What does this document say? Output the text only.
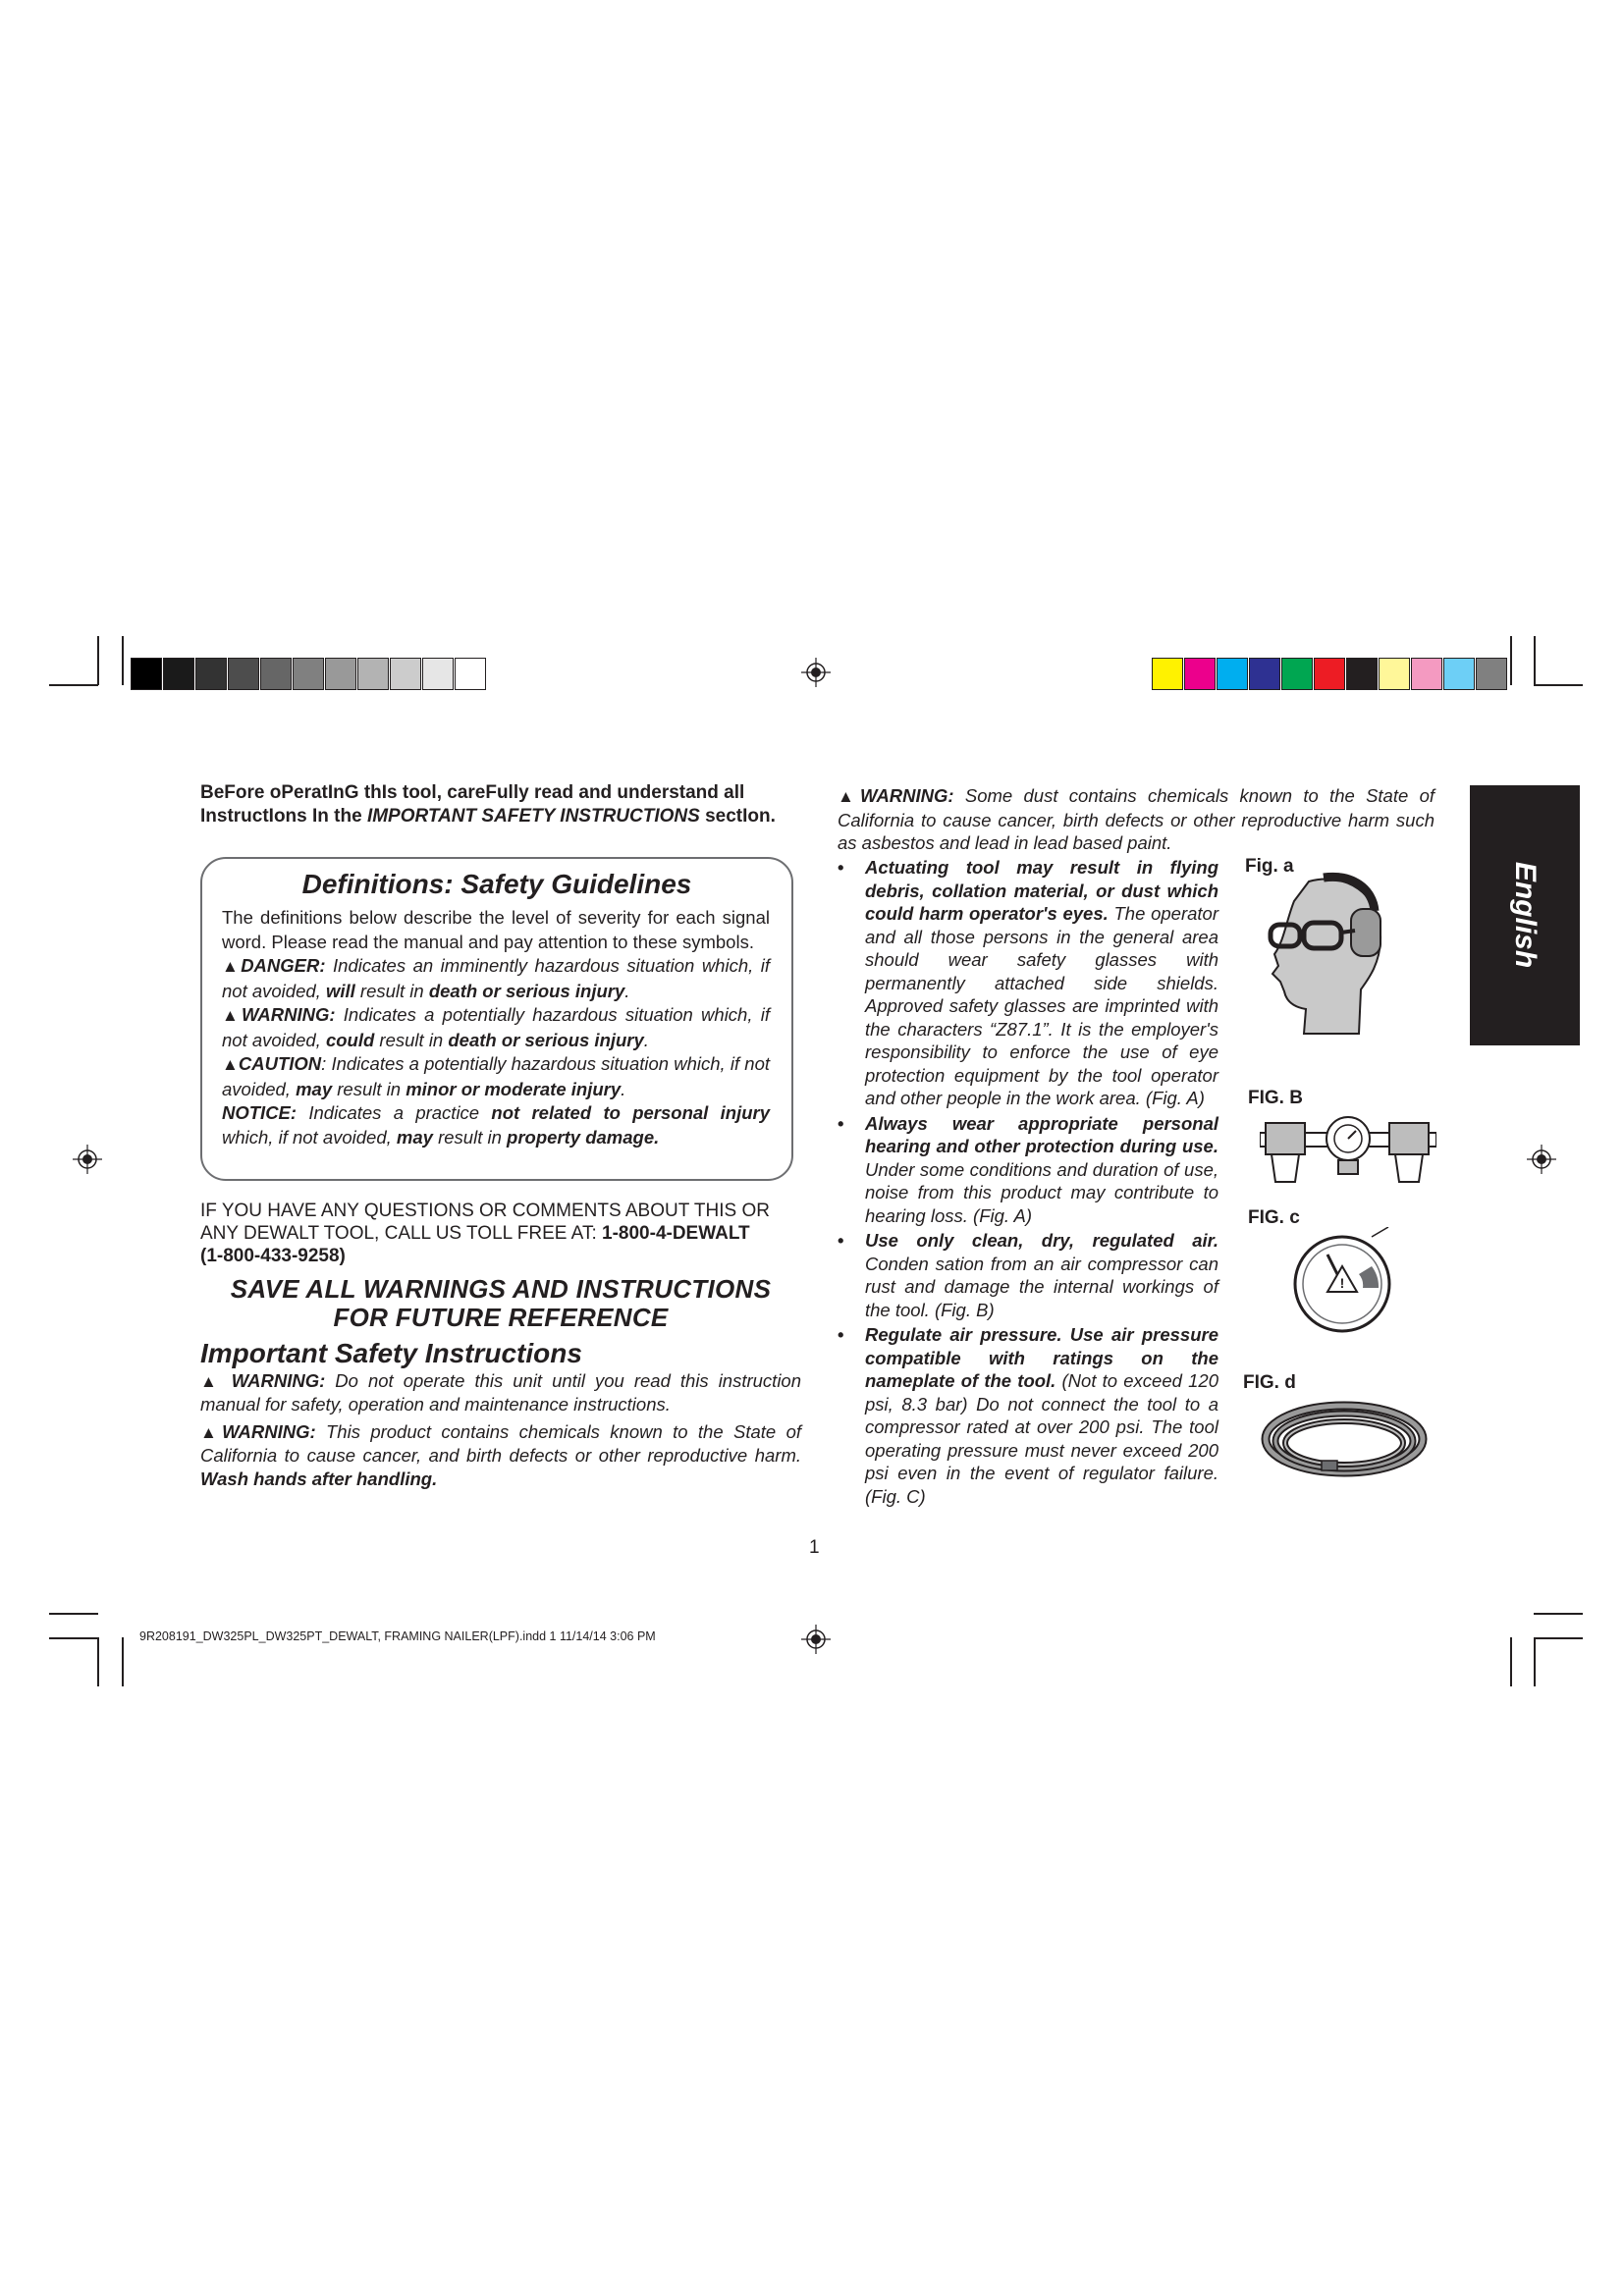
BeFore oPeratInG thIs tool, careFully read and understand all InstructIons In the IMPORTANT SAFETY INSTRUCTIONS sectIon.

Definitions: Safety Guidelines

The definitions below describe the level of severity for each signal word. Please read the manual and pay attention to these symbols.

▲DANGER: Indicates an imminently hazardous situation which, if not avoided, will result in death or serious injury.

▲WARNING: Indicates a potentially hazardous situation which, if not avoided, could result in death or serious injury.

▲CAUTION: Indicates a potentially hazardous situation which, if not avoided, may result in minor or moderate injury.

NOTICE: Indicates a practice not related to personal injury which, if not avoided, may result in property damage.

IF YOU HAVE ANY QUESTIONS OR COMMENTS ABOUT THIS OR ANY DEWALT TOOL, CALL US TOLL FREE AT: 1-800-4-DEWALT
(1-800-433-9258)

SAVE ALL WARNINGS AND INSTRUCTIONS
FOR FUTURE REFERENCE
Important Safety Instructions

▲ WARNING: Do not operate this unit until you read this instruction manual for safety, operation and maintenance instructions.

▲WARNING: This product contains chemicals known to the State of California to cause cancer, and birth defects or other reproductive harm. Wash hands after handling.

▲WARNING: Some dust contains chemicals known to the State of California to cause cancer, birth defects or other reproductive harm such as asbestos and lead in lead based paint.
• Actuating tool may result in flying debris, collation material, or dust which could harm operator's eyes. The operator and all those persons in the general area should wear safety glasses with permanently attached side shields. Approved safety glasses are imprinted with the characters “Z87.1”. It is the employer's responsibility to enforce the use of eye protection equipment by the tool operator and other people in the work area. (Fig. A)
• Always wear appropriate personal hearing and other protection during use. Under some conditions and duration of use, noise from this product may contribute to hearing loss. (Fig. A)
• Use only clean, dry, regulated air. Conden sation from an air compressor can rust and damage the internal workings of the tool. (Fig. B)
• Regulate air pressure. Use air pressure compatible with ratings on the nameplate of the tool. (Not to exceed 120 psi, 8.3 bar) Do not connect the tool to a compressor rated at over 200 psi. The tool operating pressure must never exceed 200 psi even in the event of regulator failure. (Fig. C)
Fig. a
FIG. B
FIG. c
!
FIG. d
English
1
9R208191_DW325PL_DW325PT_DEWALT, FRAMING NAILER(LPF).indd 1 11/14/14 3:06 PM
